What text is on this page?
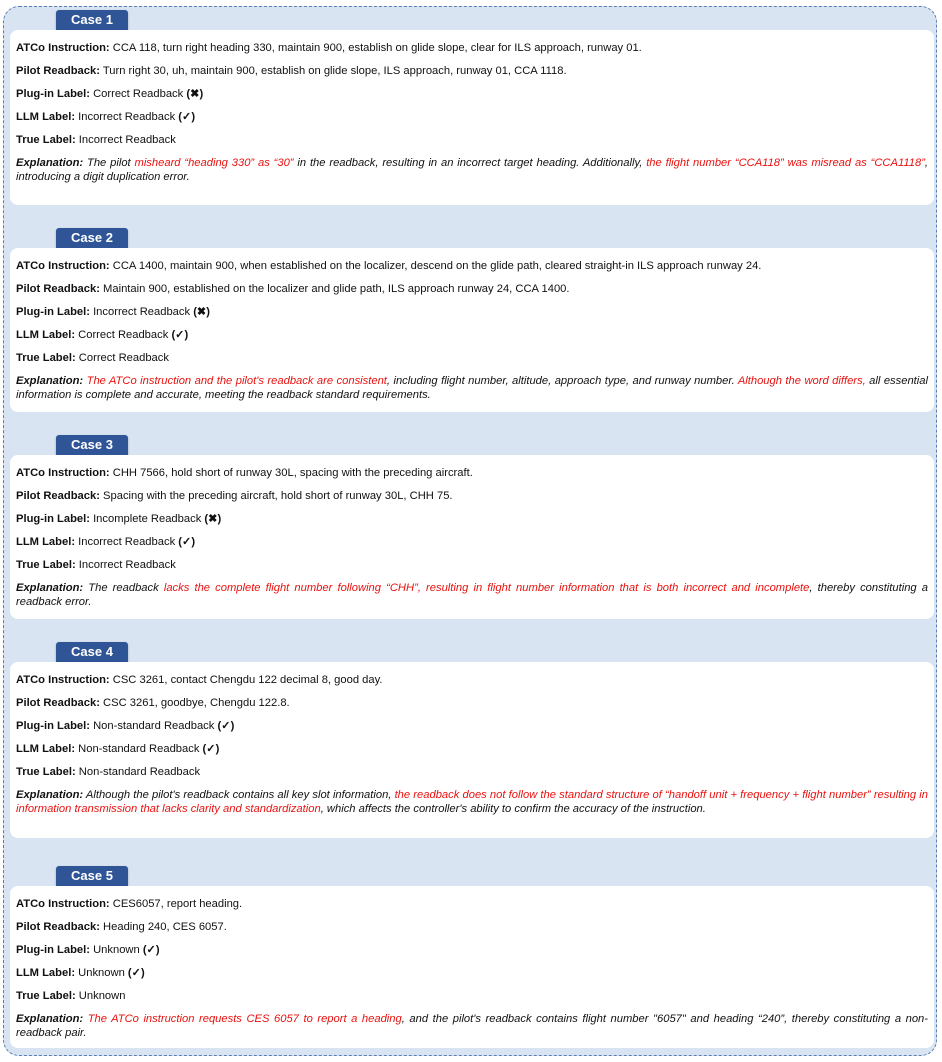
Case 1
ATCo Instruction: CCA 118, turn right heading 330, maintain 900, establish on glide slope, clear for ILS approach, runway 01.
Pilot Readback: Turn right 30, uh, maintain 900, establish on glide slope, ILS approach, runway 01, CCA 1118.
Plug-in Label: Correct Readback (✖)
LLM Label: Incorrect Readback (✓)
True Label: Incorrect Readback

Explanation: The pilot misheard “heading 330” as “30” in the readback, resulting in an incorrect target heading. Additionally, the flight number “CCA118” was misread as “CCA1118”, introducing a digit duplication error.

Case 2
ATCo Instruction: CCA 1400, maintain 900, when established on the localizer, descend on the glide path, cleared straight-in ILS approach runway 24.
Pilot Readback: Maintain 900, established on the localizer and glide path, ILS approach runway 24, CCA 1400.
Plug-in Label: Incorrect Readback (✖)
LLM Label: Correct Readback (✓)
True Label: Correct Readback

Explanation: The ATCo instruction and the pilot's readback are consistent, including flight number, altitude, approach type, and runway number. Although the word differs, all essential information is complete and accurate, meeting the readback standard requirements.

Case 3
ATCo Instruction: CHH 7566, hold short of runway 30L, spacing with the preceding aircraft.
Pilot Readback: Spacing with the preceding aircraft, hold short of runway 30L, CHH 75.
Plug-in Label: Incomplete Readback (✖)
LLM Label: Incorrect Readback (✓)
True Label: Incorrect Readback

Explanation: The readback lacks the complete flight number following “CHH”, resulting in flight number information that is both incorrect and incomplete, thereby constituting a readback error.

Case 4
ATCo Instruction: CSC 3261, contact Chengdu 122 decimal 8, good day.
Pilot Readback: CSC 3261, goodbye, Chengdu 122.8.
Plug-in Label: Non-standard Readback (✓)
LLM Label: Non-standard Readback (✓)
True Label: Non-standard Readback

Explanation: Although the pilot's readback contains all key slot information, the readback does not follow the standard structure of “handoff unit + frequency + flight number” resulting in information transmission that lacks clarity and standardization, which affects the controller's ability to confirm the accuracy of the instruction.

Case 5
ATCo Instruction: CES6057, report heading.
Pilot Readback: Heading 240, CES 6057.
Plug-in Label: Unknown (✓)
LLM Label: Unknown (✓)
True Label: Unknown

Explanation: The ATCo instruction requests CES 6057 to report a heading, and the pilot's readback contains flight number "6057" and heading “240”, thereby constituting a non-readback pair.
